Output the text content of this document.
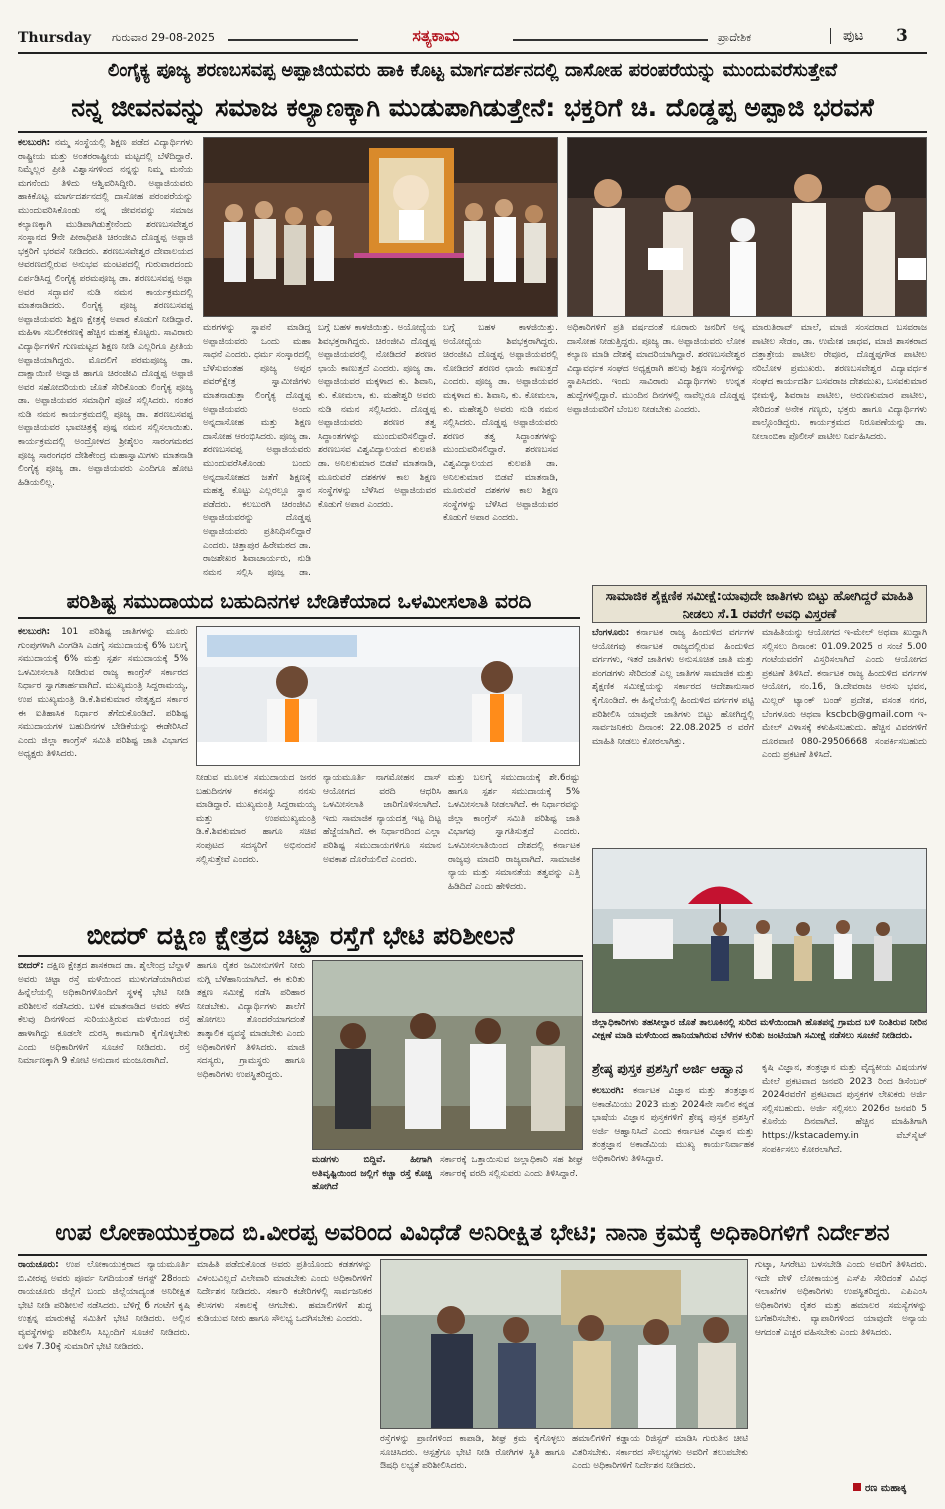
Thursday ಗುರುವಾರ 29-08-2025	ಸತ್ಯಕಾಮ	ಪ್ರಾದೇಶಿಕ	ಪುಟ 3
ಲಿಂಗೈಕ್ಯ ಪೂಜ್ಯ ಶರಣಬಸವಪ್ಪ ಅಪ್ಪಾಜಿಯವರು ಹಾಕಿ ಕೊಟ್ಟ ಮಾರ್ಗದರ್ಶನದಲ್ಲಿ ದಾಸೋಹ ಪರಂಪರೆಯನ್ನು ಮುಂದುವರೆಸುತ್ತೇವೆ
ನನ್ನ ಜೀವನವನ್ನು ಸಮಾಜ ಕಲ್ಯಾಣಕ್ಕಾಗಿ ಮುಡುಪಾಗಿಡುತ್ತೇನೆ: ಭಕ್ತರಿಗೆ ಚಿ. ದೊಡ್ಡಪ್ಪ ಅಪ್ಪಾಜಿ ಭರವಸೆ
ಕಲಬುರಗಿ: ನಮ್ಮ ಸಂಸ್ಥೆಯಲ್ಲಿ ಶಿಕ್ಷಣ ಪಡೆದ ವಿದ್ಯಾರ್ಥಿಗಳು ರಾಷ್ಟ್ರೀಯ ಮತ್ತು ಅಂತರರಾಷ್ಟ್ರೀಯ ಮಟ್ಟದಲ್ಲಿ ಬೆಳೆದಿದ್ದಾರೆ. ನಿಮ್ಮೆಲ್ಲರ ಪ್ರೀತಿ ವಿಶ್ವಾಸಗಳಿಂದ ನನ್ನನ್ನು ನಿಮ್ಮ ಮನೆಯ ಮಗನೆಂದು ತಿಳಿದು ಆಶ್ವಿವರಿಸಿದ್ದೀರಿ. ಅಪ್ಪಾಜಿಯವರು ಹಾಕಿಕೊಟ್ಟ ಮಾರ್ಗದರ್ಶನದಲ್ಲಿ ದಾಸೋಹ ಪರಂಪರೆಯನ್ನು ಮುಂದುವರಿಸಿಕೊಂಡು ನನ್ನ ಜೀವನವನ್ನು ಸಮಾಜ ಕಲ್ಯಾಣಕ್ಕಾಗಿ ಮುಡಿಪಾಗಿಡುತ್ತೇನೆಂದು ಶರಣಬಸವೇಶ್ವರ ಸಂಸ್ಥಾನದ 9ನೇ ಪೀಠಾಧಿಪತಿ ಚಿರಂಜೀವಿ ದೊಡ್ಡಪ್ಪ ಅಪ್ಪಾಜಿ ಭಕ್ತರಿಗೆ ಭರವಸೆ ನೀಡಿದರು. ಶರಣಬಸವೇಶ್ವರ ದೇವಾಲಯದ ಆವರಣದಲ್ಲಿರುವ ಅನುಭವ ಮಂಟಪದಲ್ಲಿ ಗುರುವಾರದಂದು ಏರ್ಪಡಿಸಿದ್ದ ಲಿಂಗೈಕ್ಯ ಪರಮಪೂಜ್ಯ ಡಾ. ಶರಣಬಸವಪ್ಪ ಅಪ್ಪಾ ಅವರ ಸದ್ಭಾವನೆ ನುಡಿ ನಮನ ಕಾರ್ಯಕ್ರಮದಲ್ಲಿ ಮಾತನಾಡಿದರು. ಲಿಂಗೈಕ್ಯ ಪೂಜ್ಯ ಶರಣಬಸವಪ್ಪ ಅಪ್ಪಾಜಿಯವರು ಶಿಕ್ಷಣ ಕ್ಷೇತ್ರಕ್ಕೆ ಅಪಾರ ಕೊಡುಗೆ ನೀಡಿದ್ದಾರೆ. ಮಹಿಳಾ ಸಬಲೀಕರಣಕ್ಕೆ ಹೆಚ್ಚಿನ ಮಹತ್ವ ಕೊಟ್ಟರು. ಸಾವಿರಾರು ವಿದ್ಯಾರ್ಥಿಗಳಿಗೆ ಗುಣಮಟ್ಟದ ಶಿಕ್ಷಣ ನೀಡಿ ಎಲ್ಲರಿಗೂ ಪ್ರೀತಿಯ ಅಪ್ಪಾಜಿಯಾಗಿದ್ದರು. ಮೊದಲಿಗೆ ಪರಮಪೂಜ್ಯ ಡಾ. ದಾಕ್ಷಾಯಿಣಿ ಅವ್ವಾಜಿ ಹಾಗೂ ಚಿರಂಜೀವಿ ದೊಡ್ಡಪ್ಪ ಅಪ್ಪಾಜಿ ಅವರ ಸಹೋದರಿಯರು ಜೊತೆ ಸೇರಿಕೊಂಡು ಲಿಂಗೈಕ್ಯ ಪೂಜ್ಯ ಡಾ. ಅಪ್ಪಾಜಿಯವರ ಸಮಾಧಿಗೆ ಪೂಜೆ ಸಲ್ಲಿಸಿದರು. ನಂತರ ನುಡಿ ನಮನ ಕಾರ್ಯಕ್ರಮದಲ್ಲಿ ಪೂಜ್ಯ ಡಾ. ಶರಣಬಸವಪ್ಪ ಅಪ್ಪಾಜಿಯವರ ಭಾವಚಿತ್ರಕ್ಕೆ ಪುಷ್ಪ ನಮನ ಸಲ್ಲಿಸಲಾಯಿತು. ಕಾರ್ಯಕ್ರಮದಲ್ಲಿ ಅಂದ್ರೋಳದ ಶ್ರೀಶೈಲಂ ಸಾರಂಗಮಠದ ಪೂಜ್ಯ ಸಾರಂಗಧರ ದೇಶಿಕೇಂದ್ರ ಮಹಾಸ್ವಾಮಿಗಳು ಮಾತನಾಡಿ ಲಿಂಗೈಕ್ಯ ಪೂಜ್ಯ ಡಾ. ಅಪ್ಪಾಜಿಯವರು ಎಂದಿಗೂ ಹೋಟ ಹಿಡಿಯಲಿಲ್ಲ.
ಮಠಗಳನ್ನು ಸ್ಥಾಪನೆ ಮಾಡಿದ್ದ ಅಪ್ಪಾಜಿಯವರು ಒಂದು ಮಹಾ ಸಾಧನೆ ಎಂದರು. ಧರ್ಮ ಸಂಸ್ಕಾರದಲ್ಲಿ ಬೆಳೆಸುವಂತಹ ಪೂಜ್ಯ ಅಪ್ಪರ ಪವರ್‌ಕ್ಷೇತ್ರ ಸ್ವಾಮೀಜಿಗಳು ಮಾತನಾಡುತ್ತಾ ಲಿಂಗೈಕ್ಯ ದೊಡ್ಡಪ್ಪ ಅಪ್ಪಾಜಿಯವರು ಅಂದು ಅನ್ನದಾಸೋಹ ಮತ್ತು ಶಿಕ್ಷಣ ದಾಸೋಹ ಆರಂಭಿಸಿದರು. ಪೂಜ್ಯ ಡಾ. ಶರಣಬಸವಪ್ಪ ಅಪ್ಪಾಜಿಯವರು ಮುಂದುವರೆಸಿಕೊಂಡು ಬಂದು ಅನ್ನದಾಸೋಹದ ಜತೆಗೆ ಶಿಕ್ಷಣಕ್ಕೆ ಮಹತ್ವ ಕೊಟ್ಟು ಎಲ್ಲರಲ್ಲೂ ಸ್ಥಾನ ಪಡೆದರು. ಕಲಬುರಗಿ ಚಿರಂಜೀವಿ ಅಪ್ಪಾಜಿಯವರನ್ನು ದೊಡ್ಡಪ್ಪ ಅಪ್ಪಾಜಿಯವರು ಪ್ರತಿನಿಧಿಸಲಿದ್ದಾರೆ ಎಂದರು. ಚಿತ್ತಾಪುರ ಹಿರೇಮಠದ ಡಾ. ರಾಜಶೇಖರ ಶಿವಾಚಾರ್ಯರು, ನುಡಿ ನಮನ ಸಲ್ಲಿಸಿ ಪೂಜ್ಯ ಡಾ.
ಬಗ್ಗೆ ಬಹಳ ಕಾಳಜಿಯಿತ್ತು. ಅಯೋಧ್ಯೆಯ ಶಿವಭಕ್ತರಾಗಿದ್ದರು. ಚಿರಂಜೀವಿ ದೊಡ್ಡಪ್ಪ ಅಪ್ಪಾಜಿಯವರಲ್ಲಿ ನೋಡಿದರೆ ಶರಣರ ಛಾಯೆ ಕಾಣುತ್ತದೆ ಎಂದರು. ಪೂಜ್ಯ ಡಾ. ಅಪ್ಪಾಜಿಯವರ ಮಕ್ಕಳಾದ ಕು. ಶಿವಾನಿ, ಕು. ಕೋಮಲಾ, ಕು. ಮಹೇಶ್ವರಿ ಅವರು ನುಡಿ ನಮನ ಸಲ್ಲಿಸಿದರು. ದೊಡ್ಡಪ್ಪ ಅಪ್ಪಾಜಿಯವರು ಶರಣರ ತತ್ವ ಸಿದ್ಧಾಂತಗಳನ್ನು ಮುಂದುವರಿಸಲಿದ್ದಾರೆ. ಶರಣಬಸವ ವಿಶ್ವವಿದ್ಯಾಲಯದ ಕುಲಪತಿ ಡಾ. ಅನಿಲಕುಮಾರ ಬಿಡವೆ ಮಾತನಾಡಿ, ಮೂರುವರೆ ದಶಕಗಳ ಕಾಲ ಶಿಕ್ಷಣ ಸಂಸ್ಥೆಗಳನ್ನು ಬೆಳೆಸಿದ ಅಪ್ಪಾಜಿಯವರ ಕೊಡುಗೆ ಅಪಾರ ಎಂದರು.
ಬಗ್ಗೆ ಬಹಳ ಕಾಳಜಿಯಿತ್ತು. ಅಯೋಧ್ಯೆಯ ಶಿವಭಕ್ತರಾಗಿದ್ದರು. ಚಿರಂಜೀವಿ ದೊಡ್ಡಪ್ಪ ಅಪ್ಪಾಜಿಯವರಲ್ಲಿ ನೋಡಿದರೆ ಶರಣರ ಛಾಯೆ ಕಾಣುತ್ತದೆ ಎಂದರು. ಪೂಜ್ಯ ಡಾ. ಅಪ್ಪಾಜಿಯವರ ಮಕ್ಕಳಾದ ಕು. ಶಿವಾನಿ, ಕು. ಕೋಮಲಾ, ಕು. ಮಹೇಶ್ವರಿ ಅವರು ನುಡಿ ನಮನ ಸಲ್ಲಿಸಿದರು. ದೊಡ್ಡಪ್ಪ ಅಪ್ಪಾಜಿಯವರು ಶರಣರ ತತ್ವ ಸಿದ್ಧಾಂತಗಳನ್ನು ಮುಂದುವರಿಸಲಿದ್ದಾರೆ. ಶರಣಬಸವ ವಿಶ್ವವಿದ್ಯಾಲಯದ ಕುಲಪತಿ ಡಾ. ಅನಿಲಕುಮಾರ ಬಿಡವೆ ಮಾತನಾಡಿ, ಮೂರುವರೆ ದಶಕಗಳ ಕಾಲ ಶಿಕ್ಷಣ ಸಂಸ್ಥೆಗಳನ್ನು ಬೆಳೆಸಿದ ಅಪ್ಪಾಜಿಯವರ ಕೊಡುಗೆ ಅಪಾರ ಎಂದರು.
ಅಧಿಕಾರಿಗಳಿಗೆ ಪ್ರತಿ ವರ್ಷದಂತೆ ನೂರಾರು ಜನರಿಗೆ ಅನ್ನ ದಾಸೋಹ ನೀಡುತ್ತಿದ್ದರು. ಪೂಜ್ಯ ಡಾ. ಅಪ್ಪಾಜಿಯವರು ಲೋಕ ಕಲ್ಯಾಣ ಮಾಡಿ ದೇಶಕ್ಕೆ ಮಾದರಿಯಾಗಿದ್ದಾರೆ. ಶರಣಬಸವೇಶ್ವರ ವಿದ್ಯಾವರ್ಧಕ ಸಂಘದ ಅಧ್ಯಕ್ಷರಾಗಿ ಹಲವು ಶಿಕ್ಷಣ ಸಂಸ್ಥೆಗಳನ್ನು ಸ್ಥಾಪಿಸಿದರು. ಇಂದು ಸಾವಿರಾರು ವಿದ್ಯಾರ್ಥಿಗಳು ಉನ್ನತ ಹುದ್ದೆಗಳಲ್ಲಿದ್ದಾರೆ. ಮುಂದಿನ ದಿನಗಳಲ್ಲಿ ನಾವೆಲ್ಲರೂ ದೊಡ್ಡಪ್ಪ ಅಪ್ಪಾಜಿಯವರಿಗೆ ಬೆಂಬಲ ನೀಡಬೇಕು ಎಂದರು.
ಮಾರುತಿರಾವ್ ಮಾಲೆ, ಮಾಜಿ ಸಂಸದರಾದ ಬಸವರಾಜ ಪಾಟೀಲ ಸೇಡಂ, ಡಾ. ಉಮೇಶ ಜಾಧವ, ಮಾಜಿ ಶಾಸಕರಾದ ದತ್ತಾತ್ರೇಯ ಪಾಟೀಲ ರೇವೂರ, ದೊಡ್ಡಪ್ಪಗೌಡ ಪಾಟೀಲ ನರಿಬೋಳ ಪ್ರಮುಖರು. ಶರಣಬಸವೇಶ್ವರ ವಿದ್ಯಾವರ್ಧಕ ಸಂಘದ ಕಾರ್ಯದರ್ಶಿ ಬಸವರಾಜ ದೇಶಮುಖ, ಬಸವಕುಮಾರ ಭೀಮಳ್ಳಿ, ಶಿವರಾಜ ಪಾಟೀಲ, ಅರುಣಕುಮಾರ ಪಾಟೀಲ, ಸೇರಿದಂತೆ ಅನೇಕ ಗಣ್ಯರು, ಭಕ್ತರು ಹಾಗೂ ವಿದ್ಯಾರ್ಥಿಗಳು ಪಾಲ್ಗೊಂಡಿದ್ದರು. ಕಾರ್ಯಕ್ರಮದ ನಿರೂಪಣೆಯನ್ನು ಡಾ. ನೀಲಾಂಬಿಕಾ ಪೊಲೀಸ್ ಪಾಟೀಲ ನಿರ್ವಹಿಸಿದರು.
ಪರಿಶಿಷ್ಟ ಸಮುದಾಯದ ಬಹುದಿನಗಳ ಬೇಡಿಕೆಯಾದ ಒಳಮೀಸಲಾತಿ ವರದಿ
ಕಲಬುರಗಿ: 101 ಪರಿಶಿಷ್ಟ ಜಾತಿಗಳನ್ನು ಮೂರು ಗುಂಪುಗಳಾಗಿ ವಿಂಗಡಿಸಿ ಎಡಗೈ ಸಮುದಾಯಕ್ಕೆ 6% ಬಲಗೈ ಸಮುದಾಯಕ್ಕೆ 6% ಮತ್ತು ಸ್ಪರ್ಶ ಸಮುದಾಯಕ್ಕೆ 5% ಒಳಮೀಸಲಾತಿ ನೀಡಿರುವ ರಾಜ್ಯ ಕಾಂಗ್ರೆಸ್ ಸರ್ಕಾರದ ನಿರ್ಧಾರ ಸ್ವಾಗತಾರ್ಹವಾಗಿದೆ. ಮುಖ್ಯಮಂತ್ರಿ ಸಿದ್ದರಾಮಯ್ಯ, ಉಪ ಮುಖ್ಯಮಂತ್ರಿ ಡಿ.ಕೆ.ಶಿವಕುಮಾರ ನೇತೃತ್ವದ ಸರ್ಕಾರ ಈ ಐತಿಹಾಸಿಕ ನಿರ್ಧಾರ ತೆಗೆದುಕೊಂಡಿದೆ. ಪರಿಶಿಷ್ಟ ಸಮುದಾಯಗಳ ಬಹುದಿನಗಳ ಬೇಡಿಕೆಯನ್ನು ಈಡೇರಿಸಿದೆ ಎಂದು ಜಿಲ್ಲಾ ಕಾಂಗ್ರೆಸ್ ಸಮಿತಿ ಪರಿಶಿಷ್ಟ ಜಾತಿ ವಿಭಾಗದ ಅಧ್ಯಕ್ಷರು ತಿಳಿಸಿದರು.
ನೀಡುವ ಮೂಲಕ ಸಮುದಾಯದ ಜನರ ಬಹುದಿನಗಳ ಕನಸನ್ನು ನನಸು ಮಾಡಿದ್ದಾರೆ. ಮುಖ್ಯಮಂತ್ರಿ ಸಿದ್ದರಾಮಯ್ಯ ಮತ್ತು ಉಪಮುಖ್ಯಮಂತ್ರಿ ಡಿ.ಕೆ.ಶಿವಕುಮಾರ ಹಾಗೂ ಸಚಿವ ಸಂಪುಟದ ಸದಸ್ಯರಿಗೆ ಅಭಿನಂದನೆ ಸಲ್ಲಿಸುತ್ತೇವೆ ಎಂದರು.
ನ್ಯಾಯಮೂರ್ತಿ ನಾಗಮೋಹನ ದಾಸ್ ಆಯೋಗದ ವರದಿ ಆಧರಿಸಿ ಒಳಮೀಸಲಾತಿ ಜಾರಿಗೊಳಿಸಲಾಗಿದೆ. ಇದು ಸಾಮಾಜಿಕ ನ್ಯಾಯದತ್ತ ಇಟ್ಟ ದಿಟ್ಟ ಹೆಜ್ಜೆಯಾಗಿದೆ. ಈ ನಿರ್ಧಾರದಿಂದ ಎಲ್ಲಾ ಪರಿಶಿಷ್ಟ ಸಮುದಾಯಗಳಿಗೂ ಸಮಾನ ಅವಕಾಶ ದೊರೆಯಲಿದೆ ಎಂದರು.
ಮತ್ತು ಬಲಗೈ ಸಮುದಾಯಕ್ಕೆ ಶೇ.6ರಷ್ಟು ಹಾಗೂ ಸ್ಪರ್ಶ ಸಮುದಾಯಕ್ಕೆ 5% ಒಳಮೀಸಲಾತಿ ನೀಡಲಾಗಿದೆ. ಈ ನಿರ್ಧಾರವನ್ನು ಜಿಲ್ಲಾ ಕಾಂಗ್ರೆಸ್ ಸಮಿತಿ ಪರಿಶಿಷ್ಟ ಜಾತಿ ವಿಭಾಗವು ಸ್ವಾಗತಿಸುತ್ತದೆ ಎಂದರು. ಒಳಮೀಸಲಾತಿಯಿಂದ ದೇಶದಲ್ಲಿ ಕರ್ನಾಟಕ ರಾಜ್ಯವು ಮಾದರಿ ರಾಜ್ಯವಾಗಿದೆ. ಸಾಮಾಜಿಕ ನ್ಯಾಯ ಮತ್ತು ಸಮಾನತೆಯ ತತ್ವವನ್ನು ಎತ್ತಿ ಹಿಡಿದಿದೆ ಎಂದು ಹೇಳಿದರು.
ಸಾಮಾಜಿಕ ಶೈಕ್ಷಣಿಕ ಸಮೀಕ್ಷೆ:ಯಾವುದೇ ಜಾತಿಗಳು ಬಿಟ್ಟು ಹೋಗಿದ್ದರೆ ಮಾಹಿತಿ ನೀಡಲು ಸೆ.1 ರವರೆಗೆ ಅವಧಿ ವಿಸ್ತರಣೆ
ಬೆಂಗಳೂರು: ಕರ್ನಾಟಕ ರಾಜ್ಯ ಹಿಂದುಳಿದ ವರ್ಗಗಳ ಆಯೋಗವು ಕರ್ನಾಟಕ ರಾಜ್ಯದಲ್ಲಿರುವ ಹಿಂದುಳಿದ ವರ್ಗಗಳು, ಇತರೆ ಜಾತಿಗಳು ಅನುಸೂಚಿತ ಜಾತಿ ಮತ್ತು ಪಂಗಡಗಳು ಸೇರಿದಂತೆ ಎಲ್ಲ ಜಾತಿಗಳ ಸಾಮಾಜಿಕ ಮತ್ತು ಶೈಕ್ಷಣಿಕ ಸಮೀಕ್ಷೆಯನ್ನು ಸರ್ಕಾರದ ಆದೇಶಾನುಸಾರ ಕೈಗೊಂಡಿದೆ. ಈ ಹಿನ್ನೆಲೆಯಲ್ಲಿ ಹಿಂದುಳಿದ ವರ್ಗಗಳ ಪಟ್ಟಿ ಪರಿಶೀಲಿಸಿ ಯಾವುದೇ ಜಾತಿಗಳು ಬಿಟ್ಟು ಹೋಗಿದ್ದಲ್ಲಿ ಸಾರ್ವಜನಿಕರು ದಿನಾಂಕ: 22.08.2025 ರ ವರೆಗೆ ಮಾಹಿತಿ ನೀಡಲು ಕೋರಲಾಗಿತ್ತು.
ಮಾಹಿತಿಯನ್ನು ಆಯೋಗದ ಇ-ಮೇಲ್ ಅಥವಾ ಖುದ್ದಾಗಿ ಸಲ್ಲಿಸಲು ದಿನಾಂಕ: 01.09.2025 ರ ಸಂಜೆ 5.00 ಗಂಟೆಯವರೆಗೆ ವಿಸ್ತರಿಸಲಾಗಿದೆ ಎಂದು ಆಯೋಗದ ಪ್ರಕಟಣೆ ತಿಳಿಸಿದೆ. ಕರ್ನಾಟಕ ರಾಜ್ಯ ಹಿಂದುಳಿದ ವರ್ಗಗಳ ಆಯೋಗ, ನಂ.16, ಡಿ.ದೇವರಾಜ ಅರಸು ಭವನ, ಮಿಲ್ಲರ್ ಟ್ಯಾಂಕ್ ಬಂಡ್ ಪ್ರದೇಶ, ವಸಂತ ನಗರ, ಬೆಂಗಳೂರು ಆಥವಾ kscbcb@gmail.com ಇ-ಮೇಲ್ ವಿಳಾಸಕ್ಕೆ ಕಳುಹಿಸಬಹುದು. ಹೆಚ್ಚಿನ ವಿವರಗಳಿಗೆ ದೂರವಾಣಿ 080-29506668 ಸಂಪರ್ಕಿಸಬಹುದು ಎಂದು ಪ್ರಕಟಣೆ ತಿಳಿಸಿದೆ.
ಜಿಲ್ಲಾಧಿಕಾರಿಗಳು ತಹಸೀಲ್ದಾರ ಜೊತೆ ತಾಲೂಕಿನಲ್ಲಿ ಸುರಿದ ಮಳೆಯಿಂದಾಗಿ ಹೊತಪನ್ನೆ ಗ್ರಾಮದ ಬಳಿ ನಿಂತಿರುವ ನೀರಿನ ವೀಕ್ಷಣೆ ಮಾಡಿ ಮಳೆಯಿಂದ ಹಾನಿಯಾಗಿರುವ ಬೆಳೆಗಳ ಕುರಿತು ಜಂಟಿಯಾಗಿ ಸಮೀಕ್ಷೆ ನಡೆಸಲು ಸೂಚನೆ ನೀಡಿದರು.
ಬೀದರ್ ದಕ್ಷಿಣ ಕ್ಷೇತ್ರದ ಚಿಟ್ಟಾ ರಸ್ತೆಗೆ ಭೇಟಿ ಪರಿಶೀಲನೆ
ಬೀದರ್: ದಕ್ಷಿಣ ಕ್ಷೇತ್ರದ ಶಾಸಕರಾದ ಡಾ. ಶೈಲೇಂದ್ರ ಬೆಲ್ದಾಳೆ ಅವರು ಚಿಟ್ಟಾ ರಸ್ತೆ ಮಳೆಯಿಂದ ಮುಳುಗಡೆಯಾಗಿರುವ ಹಿನ್ನೆಲೆಯಲ್ಲಿ ಅಧಿಕಾರಿಗಳೊಂದಿಗೆ ಸ್ಥಳಕ್ಕೆ ಭೇಟಿ ನೀಡಿ ಪರಿಶೀಲನೆ ನಡೆಸಿದರು. ಬಳಿಕ ಮಾತನಾಡಿದ ಅವರು ಕಳೆದ ಕೆಲವು ದಿನಗಳಿಂದ ಸುರಿಯುತ್ತಿರುವ ಮಳೆಯಿಂದ ರಸ್ತೆ ಹಾಳಾಗಿದ್ದು ಕೂಡಲೇ ದುರಸ್ತಿ ಕಾಮಗಾರಿ ಕೈಗೊಳ್ಳಬೇಕು ಎಂದು ಅಧಿಕಾರಿಗಳಿಗೆ ಸೂಚನೆ ನೀಡಿದರು. ರಸ್ತೆ ನಿರ್ಮಾಣಕ್ಕಾಗಿ 9 ಕೋಟಿ ಅನುದಾನ ಮಂಜೂರಾಗಿದೆ.
ಹಾಗೂ ರೈತರ ಜಮೀನುಗಳಿಗೆ ನೀರು ನುಗ್ಗಿ ಬೆಳೆಹಾನಿಯಾಗಿದೆ. ಈ ಕುರಿತು ತಕ್ಷಣ ಸಮೀಕ್ಷೆ ನಡೆಸಿ ಪರಿಹಾರ ನೀಡಬೇಕು. ವಿದ್ಯಾರ್ಥಿಗಳು ಶಾಲೆಗೆ ಹೋಗಲು ತೊಂದರೆಯಾಗದಂತೆ ತಾತ್ಕಾಲಿಕ ವ್ಯವಸ್ಥೆ ಮಾಡಬೇಕು ಎಂದು ಅಧಿಕಾರಿಗಳಿಗೆ ತಿಳಿಸಿದರು. ಮಾಜಿ ಸದಸ್ಯರು, ಗ್ರಾಮಸ್ಥರು ಹಾಗೂ ಅಧಿಕಾರಿಗಳು ಉಪಸ್ಥಿತರಿದ್ದರು.
ಮಡಗಳು ಬಿದ್ದಿವೆ. ಹೀಗಾಗಿ ಅತಿವೃಷ್ಟಿಯಿಂದ ಜಲ್ಲಿಗೆ ಕಚ್ಚಾ ರಸ್ತೆ ಕೊಚ್ಚಿ ಹೋಗಿದೆ
ಸರ್ಕಾರಕ್ಕೆ ಒತ್ತಾಯಿಸುವ ಜಲ್ಲಾಧಿಕಾರಿ ಸಹ ಶೀಘ್ರ ಸರ್ಕಾರಕ್ಕೆ ವರದಿ ಸಲ್ಲಿಸುವರು ಎಂದು ತಿಳಿಸಿದ್ದಾರೆ.
ಶ್ರೇಷ್ಠ ಪುಸ್ತಕ ಪ್ರಶಸ್ತಿಗೆ ಅರ್ಜಿ ಆಹ್ವಾನ
ಕಲಬುರಗಿ: ಕರ್ನಾಟಕ ವಿಜ್ಞಾನ ಮತ್ತು ತಂತ್ರಜ್ಞಾನ ಅಕಾಡೆಮಿಯು 2023 ಮತ್ತು 2024ನೇ ಸಾಲಿನ ಕನ್ನಡ ಭಾಷೆಯ ವಿಜ್ಞಾನ ಪುಸ್ತಕಗಳಿಗೆ ಶ್ರೇಷ್ಠ ಪುಸ್ತಕ ಪ್ರಶಸ್ತಿಗೆ ಅರ್ಜಿ ಆಹ್ವಾನಿಸಿದೆ ಎಂದು ಕರ್ನಾಟಕ ವಿಜ್ಞಾನ ಮತ್ತು ತಂತ್ರಜ್ಞಾನ ಅಕಾಡೆಮಿಯ ಮುಖ್ಯ ಕಾರ್ಯನಿರ್ವಾಹಕ ಅಧಿಕಾರಿಗಳು ತಿಳಿಸಿದ್ದಾರೆ.
ಕೃಷಿ ವಿಜ್ಞಾನ, ತಂತ್ರಜ್ಞಾನ ಮತ್ತು ವೈದ್ಯಕೀಯ ವಿಷಯಗಳ ಮೇಲೆ ಪ್ರಕಟವಾದ ಜನವರಿ 2023 ರಿಂದ ಡಿಸೆಂಬರ್ 2024ರವರೆಗೆ ಪ್ರಕಟವಾದ ಪುಸ್ತಕಗಳ ಲೇಖಕರು ಅರ್ಜಿ ಸಲ್ಲಿಸಬಹುದು. ಅರ್ಜಿ ಸಲ್ಲಿಸಲು 2026ರ ಜನವರಿ 5 ಕೊನೆಯ ದಿನವಾಗಿದೆ. ಹೆಚ್ಚಿನ ಮಾಹಿತಿಗಾಗಿ https://kstacademy.in ವೆಬ್‌ಸೈಟ್ ಸಂಪರ್ಕಿಸಲು ಕೋರಲಾಗಿದೆ.
ಉಪ ಲೋಕಾಯುಕ್ತರಾದ ಬಿ.ವೀರಪ್ಪ ಅವರಿಂದ ವಿವಿಧೆಡೆ ಅನಿರೀಕ್ಷಿತ ಭೇಟಿ; ನಾನಾ ಕ್ರಮಕ್ಕೆ ಅಧಿಕಾರಿಗಳಿಗೆ ನಿರ್ದೇಶನ
ರಾಯಚೂರು: ಉಪ ಲೋಕಾಯುಕ್ತರಾದ ನ್ಯಾಯಮೂರ್ತಿ ಬಿ.ವೀರಪ್ಪ ಅವರು ಪೂರ್ವ ನಿಗದಿಯಂತೆ ಆಗಸ್ಟ್ 28ರಂದು ರಾಯಚೂರು ಜಿಲ್ಲೆಗೆ ಬಂದು ಜಿಲ್ಲೆಯಾದ್ಯಂತ ಅನಿರೀಕ್ಷಿತ ಭೇಟಿ ನೀಡಿ ಪರಿಶೀಲನೆ ನಡೆಸಿದರು. ಬೆಳಿಗ್ಗೆ 6 ಗಂಟೆಗೆ ಕೃಷಿ ಉತ್ಪನ್ನ ಮಾರುಕಟ್ಟೆ ಸಮಿತಿಗೆ ಭೇಟಿ ನೀಡಿದರು. ಅಲ್ಲಿನ ವ್ಯವಸ್ಥೆಗಳನ್ನು ಪರಿಶೀಲಿಸಿ ಸಿಬ್ಬಂದಿಗೆ ಸೂಚನೆ ನೀಡಿದರು. ಬಳಿಕ 7.30ಕ್ಕೆ ಸುಮಾರಿಗೆ ಭೇಟಿ ನೀಡಿದರು.
ಮಾಹಿತಿ ಪಡೆದುಕೊಂಡ ಅವರು ಪ್ರತಿಯೊಂದು ಕಡತಗಳನ್ನು ವಿಳಂಬವಿಲ್ಲದೆ ವಿಲೇವಾರಿ ಮಾಡಬೇಕು ಎಂದು ಅಧಿಕಾರಿಗಳಿಗೆ ನಿರ್ದೇಶನ ನೀಡಿದರು. ಸರ್ಕಾರಿ ಕಚೇರಿಗಳಲ್ಲಿ ಸಾರ್ವಜನಿಕರ ಕೆಲಸಗಳು ಸಕಾಲಕ್ಕೆ ಆಗಬೇಕು. ಹಮಾಲಿಗಳಿಗೆ ಶುದ್ಧ ಕುಡಿಯುವ ನೀರು ಹಾಗೂ ಸೌಲಭ್ಯ ಒದಗಿಸಬೇಕು ಎಂದರು.
ರಸ್ತೆಗಳನ್ನು ಪ್ರಾಣಿಗಳಿಂದ ಕಾಪಾಡಿ, ಶೀಘ್ರ ಕ್ರಮ ಕೈಗೊಳ್ಳಲು ಸೂಚಿಸಿದರು. ಆಸ್ಪತ್ರೆಗೂ ಭೇಟಿ ನೀಡಿ ರೋಗಿಗಳ ಸ್ಥಿತಿ ಹಾಗೂ ಔಷಧಿ ಲಭ್ಯತೆ ಪರಿಶೀಲಿಸಿದರು.
ಹಮಾಲಿಗಳಿಗೆ ಕಡ್ಡಾಯ ರಿಜಿಸ್ಟರ್ ಮಾಡಿಸಿ ಗುರುತಿನ ಚೀಟಿ ವಿತರಿಸಬೇಕು. ಸರ್ಕಾರದ ಸೌಲಭ್ಯಗಳು ಅವರಿಗೆ ತಲುಪಬೇಕು ಎಂದು ಅಧಿಕಾರಿಗಳಿಗೆ ನಿರ್ದೇಶನ ನೀಡಿದರು.
ಗುಟ್ಕಾ, ಸಿಗರೇಟು ಬಳಸಬೇಡಿ ಎಂದು ಅವರಿಗೆ ತಿಳಿಸಿದರು. ಇದೇ ವೇಳೆ ಲೋಕಾಯುಕ್ತ ಎಸ್‌ಪಿ ಸೇರಿದಂತೆ ವಿವಿಧ ಇಲಾಖೆಗಳ ಅಧಿಕಾರಿಗಳು ಉಪಸ್ಥಿತರಿದ್ದರು. ಎಪಿಎಂಸಿ ಅಧಿಕಾರಿಗಳು ರೈತರ ಮತ್ತು ಹಮಾಲರ ಸಮಸ್ಯೆಗಳನ್ನು ಬಗೆಹರಿಸಬೇಕು. ವ್ಯಾಪಾರಿಗಳಿಂದ ಯಾವುದೇ ಅನ್ಯಾಯ ಆಗದಂತೆ ಎಚ್ಚರ ವಹಿಸಬೇಕು ಎಂದು ತಿಳಿಸಿದರು.
ರಣ ಮಹಾಕ್ಕ
